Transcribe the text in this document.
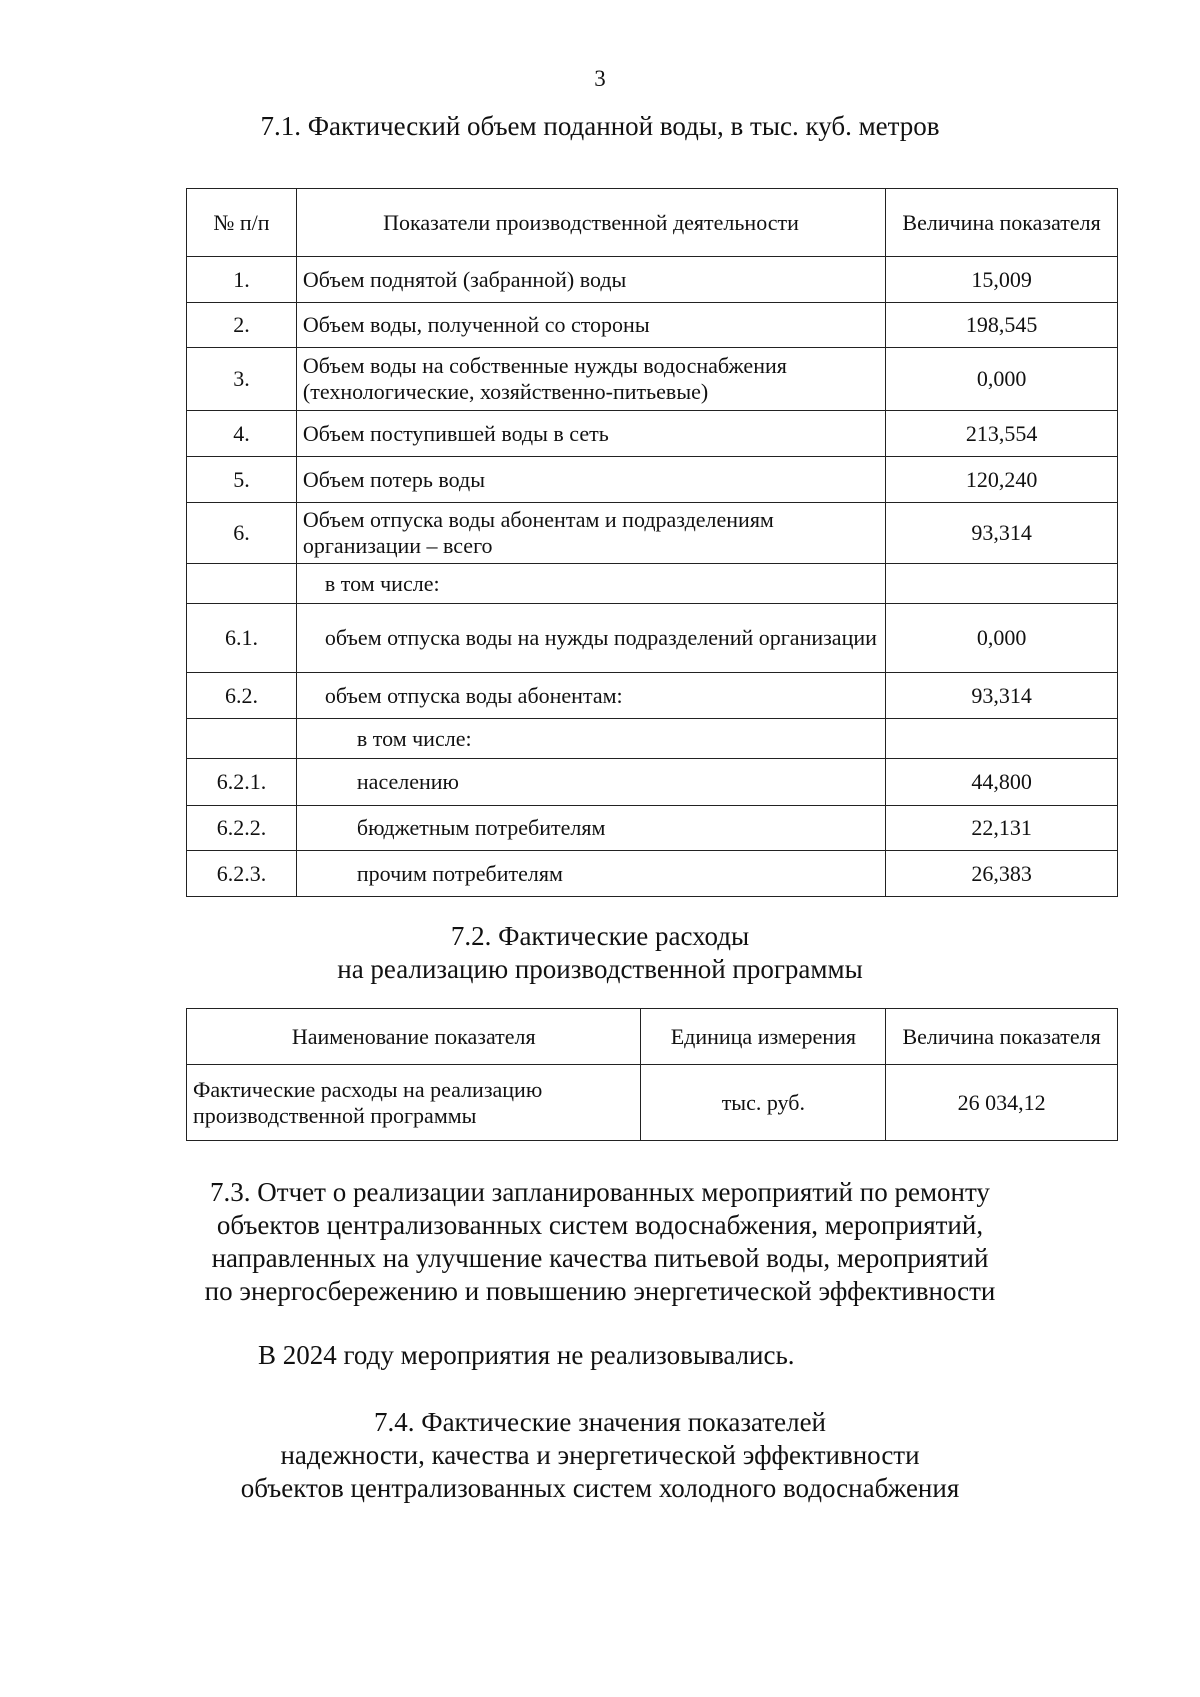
3
7.1. Фактический объем поданной воды, в тыс. куб. метров
№ п/п	Показатели производственной деятельности	Величина показателя
1.	Объем поднятой (забранной) воды	15,009
2.	Объем воды, полученной со стороны	198,545
3.	Объем воды на собственные нужды водоснабжения (технологические, хозяйственно-питьевые)	0,000
4.	Объем поступившей воды в сеть	213,554
5.	Объем потерь воды	120,240
6.	Объем отпуска воды абонентам и подразделениям организации – всего	93,314
	в том числе:	
6.1.	объем отпуска воды на нужды подразделений организации	0,000
6.2.	объем отпуска воды абонентам:	93,314
	в том числе:	
6.2.1.	населению	44,800
6.2.2.	бюджетным потребителям	22,131
6.2.3.	прочим потребителям	26,383
7.2. Фактические расходы
на реализацию производственной программы
Наименование показателя	Единица измерения	Величина показателя
Фактические расходы на реализацию производственной программы	тыс. руб.	26 034,12
7.3. Отчет о реализации запланированных мероприятий по ремонту
объектов централизованных систем водоснабжения, мероприятий,
направленных на улучшение качества питьевой воды, мероприятий
по энергосбережению и повышению энергетической эффективности
В 2024 году мероприятия не реализовывались.
7.4. Фактические значения показателей
надежности, качества и энергетической эффективности
объектов централизованных систем холодного водоснабжения
